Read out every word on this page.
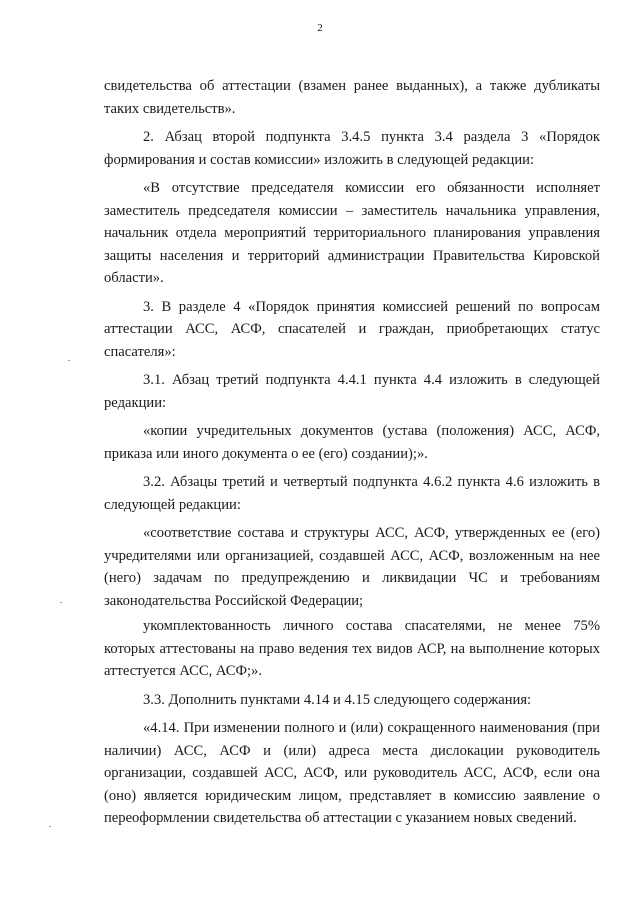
2

свидетельства об аттестации (взамен ранее выданных), а также дубликаты таких свидетельств».

2. Абзац второй подпункта 3.4.5 пункта 3.4 раздела 3 «Порядок формирования и состав комиссии» изложить в следующей редакции:

«В отсутствие председателя комиссии его обязанности исполняет заместитель председателя комиссии – заместитель начальника управления, начальник отдела мероприятий территориального планирования управления защиты населения и территорий администрации Правительства Кировской области».

3. В разделе 4 «Порядок принятия комиссией решений по вопросам аттестации АСС, АСФ, спасателей и граждан, приобретающих статус спасателя»:

3.1. Абзац третий подпункта 4.4.1 пункта 4.4 изложить в следующей редакции:

«копии учредительных документов (устава (положения) АСС, АСФ, приказа или иного документа о ее (его) создании);».

3.2. Абзацы третий и четвертый подпункта 4.6.2 пункта 4.6 изложить в следующей редакции:

«соответствие состава и структуры АСС, АСФ, утвержденных ее (его) учредителями или организацией, создавшей АСС, АСФ, возложенным на нее (него) задачам по предупреждению и ликвидации ЧС и требованиям законодательства Российской Федерации;

укомплектованность личного состава спасателями, не менее 75% которых аттестованы на право ведения тех видов АСР, на выполнение которых аттестуется АСС, АСФ;».

3.3. Дополнить пунктами 4.14 и 4.15 следующего содержания:

«4.14. При изменении полного и (или) сокращенного наименования (при наличии) АСС, АСФ и (или) адреса места дислокации руководитель организации, создавшей АСС, АСФ, или руководитель АСС, АСФ, если она (оно) является юридическим лицом, представляет в комиссию заявление о переоформлении свидетельства об аттестации с указанием новых сведений.
